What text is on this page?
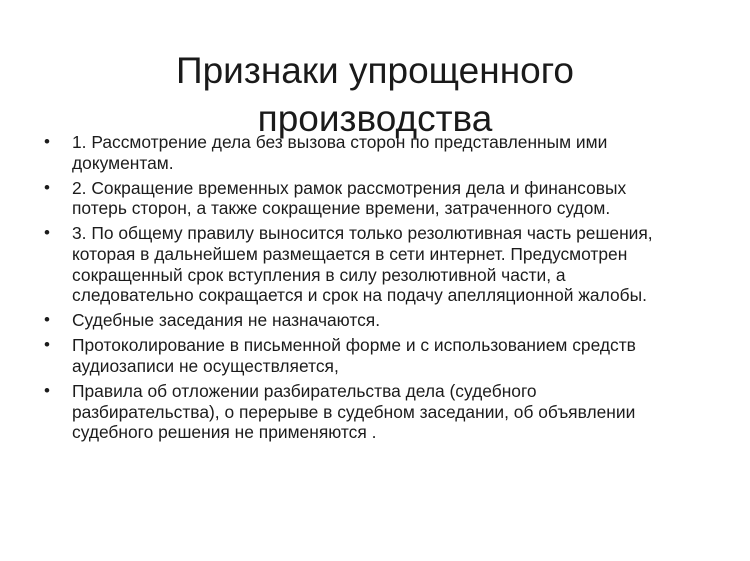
Признаки упрощенного
производства
• 1. Рассмотрение дела без вызова сторон по представленным ими
документам.
• 2. Сокращение временных рамок рассмотрения дела и финансовых
потерь сторон, а также сокращение времени, затраченного судом.
• 3. По общему правилу выносится только резолютивная часть решения,
которая в дальнейшем размещается в сети интернет. Предусмотрен
сокращенный срок вступления в силу резолютивной части, а
следовательно сокращается и срок на подачу апелляционной жалобы.
• Судебные заседания не назначаются.
• Протоколирование в письменной форме и с использованием средств
аудиозаписи не осуществляется,
• Правила об отложении разбирательства дела (судебного
разбирательства), о перерыве в судебном заседании, об объявлении
судебного решения не применяются .
